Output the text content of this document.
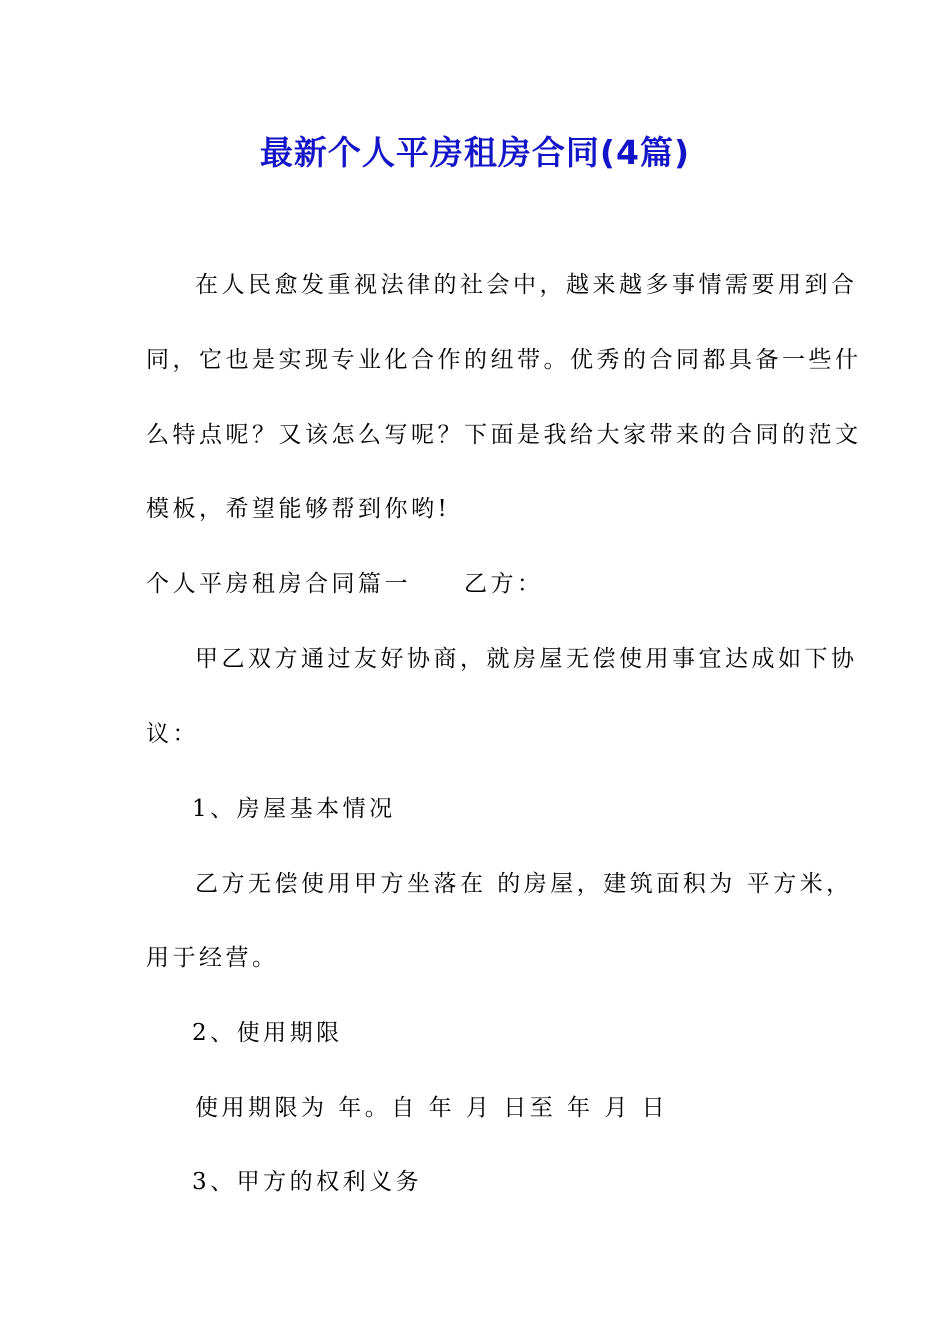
最新个人平房租房合同(4篇)
在人民愈发重视法律的社会中，越来越多事情需要用到合
同，它也是实现专业化合作的纽带。优秀的合同都具备一些什
么特点呢？又该怎么写呢？下面是我给大家带来的合同的范文
模板，希望能够帮到你哟!
个人平房租房合同篇一　　乙方：
甲乙双方通过友好协商，就房屋无偿使用事宜达成如下协
议：
1、房屋基本情况
乙方无偿使用甲方坐落在 的房屋，建筑面积为 平方米，
用于经营。
2、使用期限
使用期限为 年。自 年 月 日至 年 月 日
3、甲方的权利义务
